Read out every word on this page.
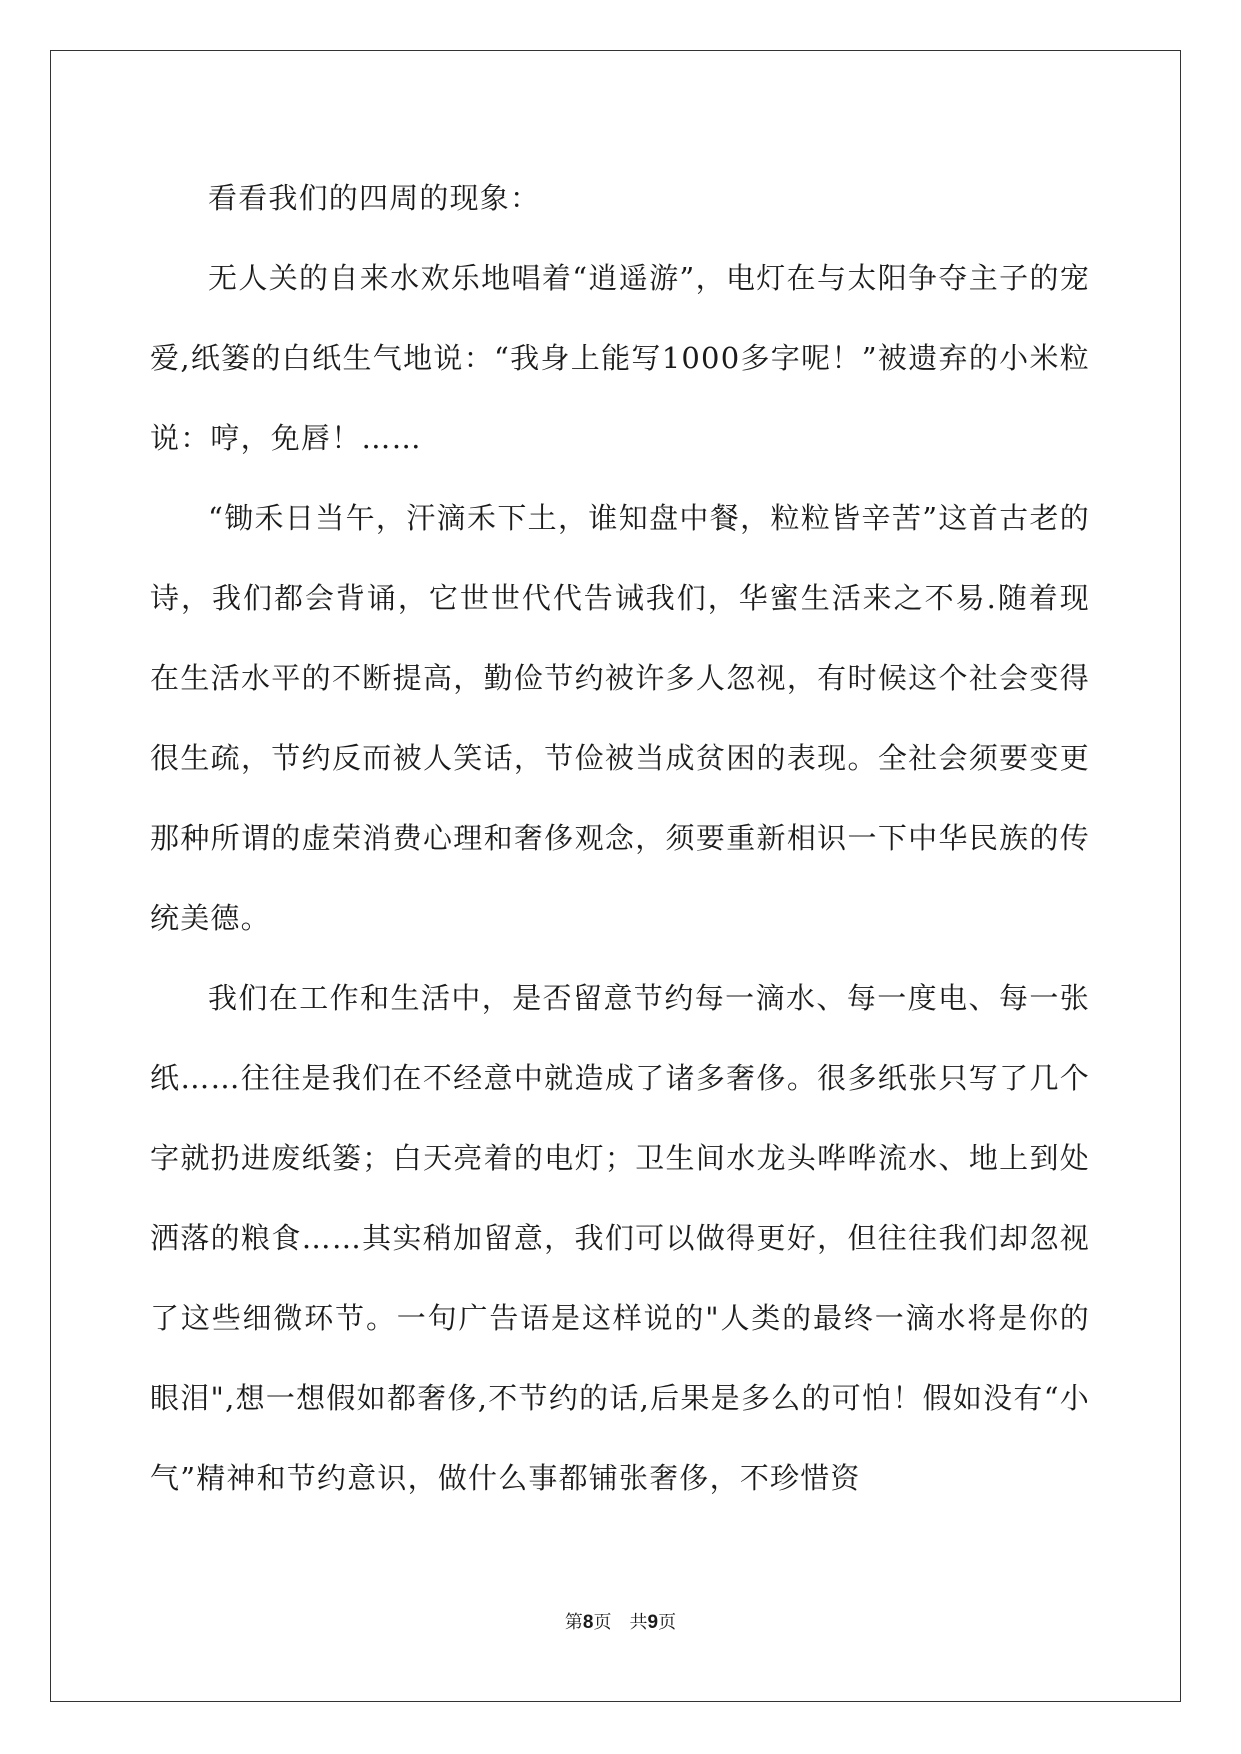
看看我们的四周的现象：

无人关的自来水欢乐地唱着“逍遥游”，电灯在与太阳争夺主子的宠爱,纸篓的白纸生气地说：“我身上能写1000多字呢！”被遗弃的小米粒说：哼，免唇！……

“锄禾日当午，汗滴禾下土，谁知盘中餐，粒粒皆辛苦”这首古老的诗，我们都会背诵，它世世代代告诫我们，华蜜生活来之不易.随着现在生活水平的不断提高，勤俭节约被许多人忽视，有时候这个社会变得很生疏，节约反而被人笑话，节俭被当成贫困的表现。全社会须要变更那种所谓的虚荣消费心理和奢侈观念，须要重新相识一下中华民族的传统美德。

我们在工作和生活中，是否留意节约每一滴水、每一度电、每一张纸……往往是我们在不经意中就造成了诸多奢侈。很多纸张只写了几个字就扔进废纸篓；白天亮着的电灯；卫生间水龙头哗哗流水、地上到处洒落的粮食……其实稍加留意，我们可以做得更好，但往往我们却忽视了这些细微环节。一句广告语是这样说的"人类的最终一滴水将是你的眼泪",想一想假如都奢侈,不节约的话,后果是多么的可怕！假如没有“小气”精神和节约意识，做什么事都铺张奢侈，不珍惜资

第8页 共9页
